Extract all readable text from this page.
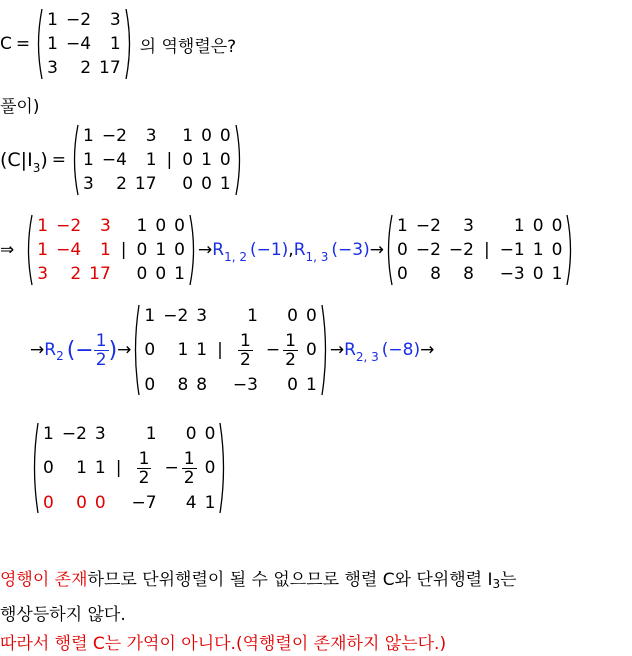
C =
1	−2	3
1	−4	1
3	2	17
의 역행렬은?
풀이)
$(C|I_3)$ =
1	−2	3		1	0	0
1	−4	1	|	0	1	0
3	2	17		0	0	1
⇒
1	−2	3		1	0	0
1	−4	1	|	0	1	0
3	2	17		0	0	1
→ $R_{1, 2}$ (−1) , $R_{1, 3}$ (−3) →
1	−2	3		1	0	0
0	−2	−2	|	−1	1	0
0	8	8		−3	0	1
→ R 2 (− $\frac{1}{2}$ ) →
1	−2	3		1	0	0
0	1	1	|	$\frac{1}{2}$	− $\frac{1}{2}$	0
0	8	8		−3	0	1
→ $R_{2, 3}$ (−8) →
1	−2	3		1	0	0
0	1	1	|	$\frac{1}{2}$	− $\frac{1}{2}$	0
0	0	0		−7	4	1
영행이 존재 하므로 단위행렬이 될 수 없으므로 행렬 C와 단위행렬 I 3 는
행상등하지 않다.
따라서 행렬 C는 가역이 아니다.(역행렬이 존재하지 않는다.)
